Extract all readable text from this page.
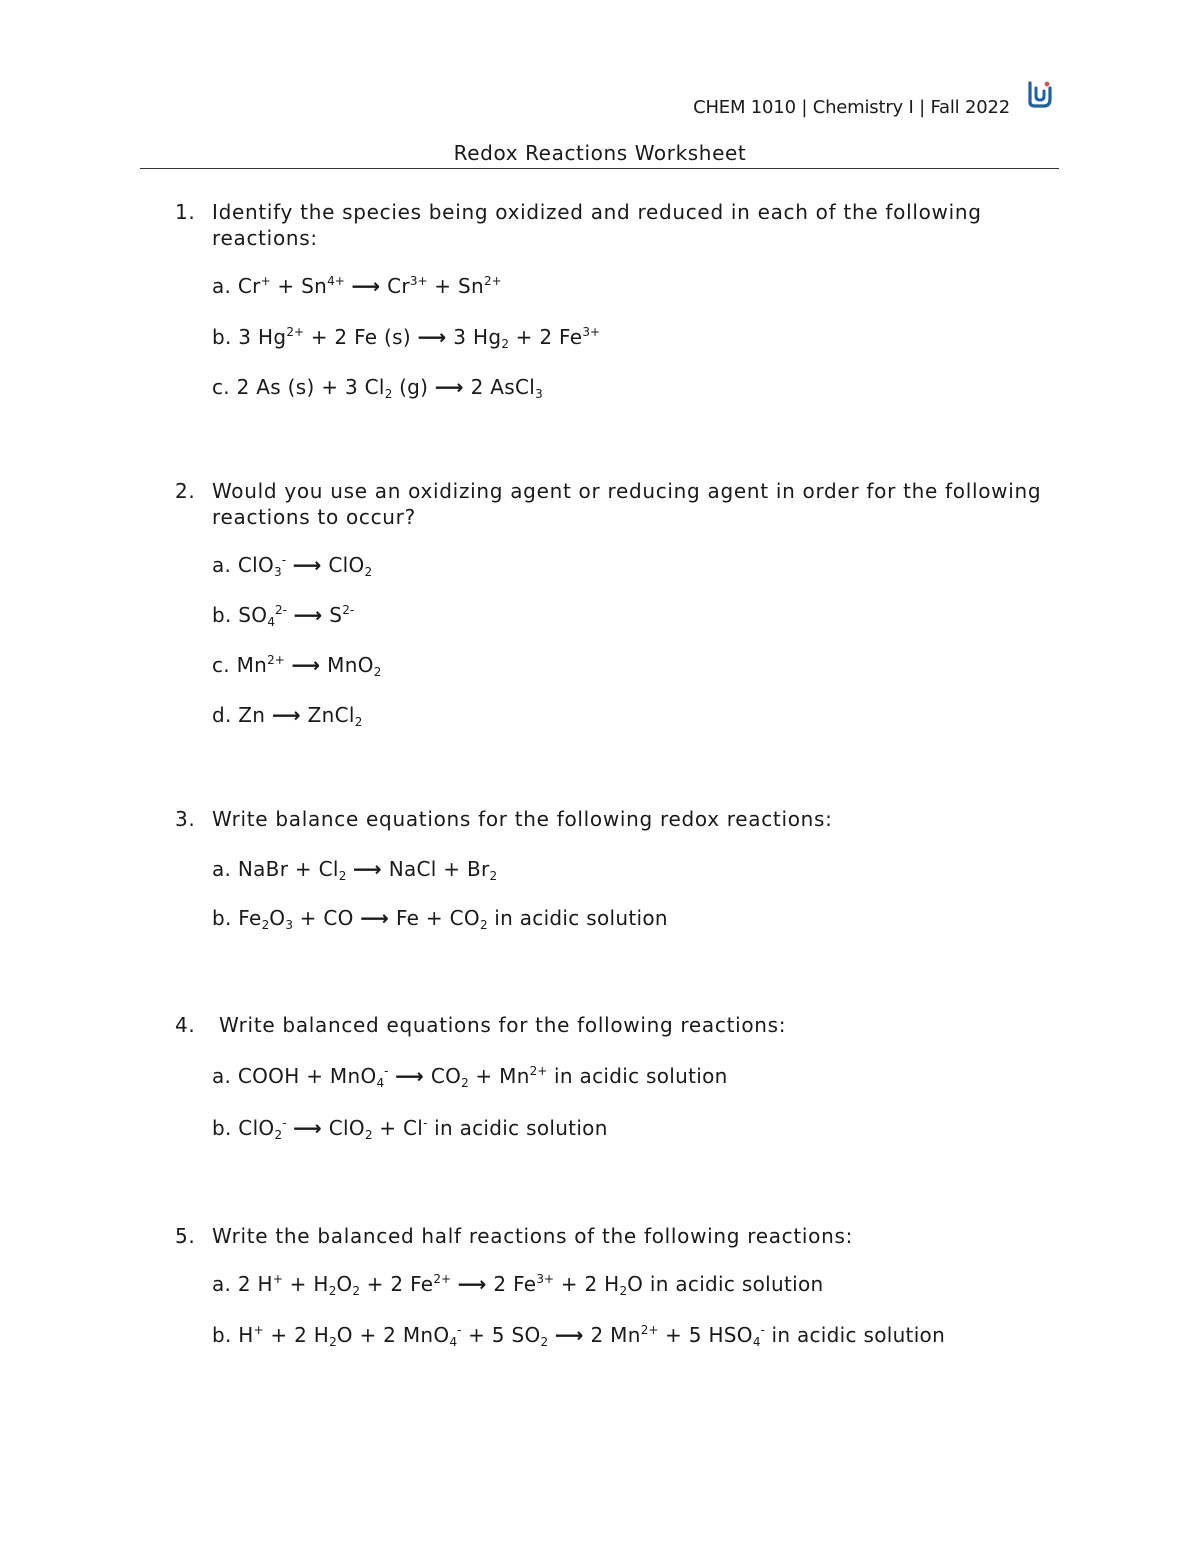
CHEM 1010 | Chemistry I | Fall 2022
Redox Reactions Worksheet
1. Identify the species being oxidized and reduced in each of the following reactions:
a. $Cr^+ + Sn^{4+}$ ⟶ $Cr^{3+} + Sn^{2+}$
b. 3 $Hg^{2+} + 2$ Fe (s) ⟶ 3 $Hg_2 + 2$ $Fe^{3+}$
c. 2 As (s) + 3 $Cl_2$ (g) ⟶ 2 AsCl$_3$
2. Would you use an oxidizing agent or reducing agent in order for the following reactions to occur?
a. ClO$_3$- ⟶ ClO$_2$
b. $SO_4^{2-}$ ⟶ $S^{2-}$
c. $Mn^{2+}$ ⟶ MnO$_2$
d. Zn ⟶ ZnCl$_2$
3. Write balance equations for the following redox reactions:
a. NaBr + $Cl_2$ ⟶ NaCl + $Br_2$
b. $Fe_2O_3$ + CO ⟶ $Fe + CO_2$ in acidic solution
4. Write balanced equations for the following reactions:
a. COOH + MnO$_4$- ⟶ $CO_2 + Mn^{2+}$ in acidic solution
b. ClO$_2$- ⟶ ClO$_2$ + Cl- in acidic solution
5. Write the balanced half reactions of the following reactions:
a. 2 $H^+ + H_2O_2 + 2$ $Fe^{2+}$ ⟶ 2 $Fe^{3+} + 2$ $H_2O$ in acidic solution
b. H+ + 2 $H_2O + 2$ MnO$_4$- + 5 $SO_2$ ⟶ 2 $Mn^{2+} + 5$ $HSO_4^-$ in acidic solution
